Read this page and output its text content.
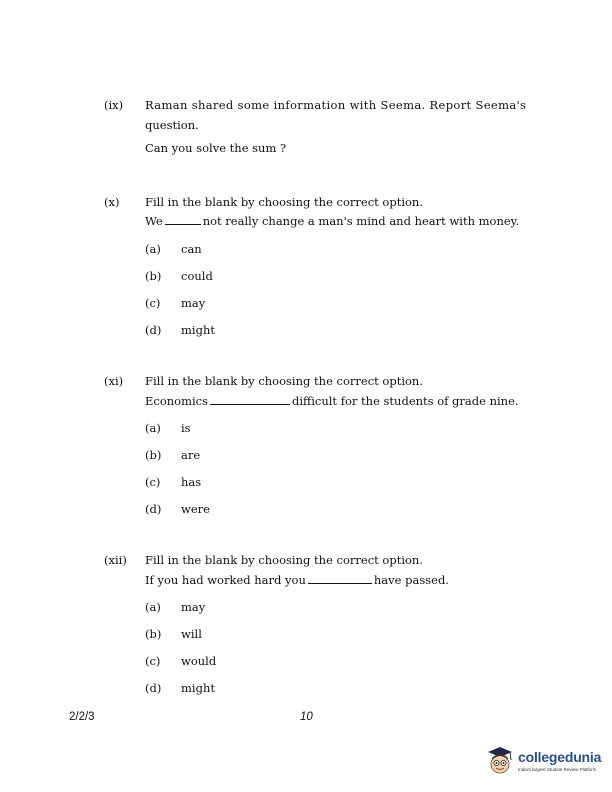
(ix) Raman shared some information with Seema. Report Seema's
question.
Can you solve the sum ?
(x) Fill in the blank by choosing the correct option.
We	not really change a man's mind and heart with money.
(a) can
(b) could
(c) may
(d) might
(xi) Fill in the blank by choosing the correct option.
Economics	difficult for the students of grade nine.
(a) is
(b) are
(c) has
(d) were
(xii) Fill in the blank by choosing the correct option.
If you had worked hard you	have passed.
(a) may
(b) will
(c) would
(d) might
2/2/3	10
collegedunia
India's largest Student Review Platform
